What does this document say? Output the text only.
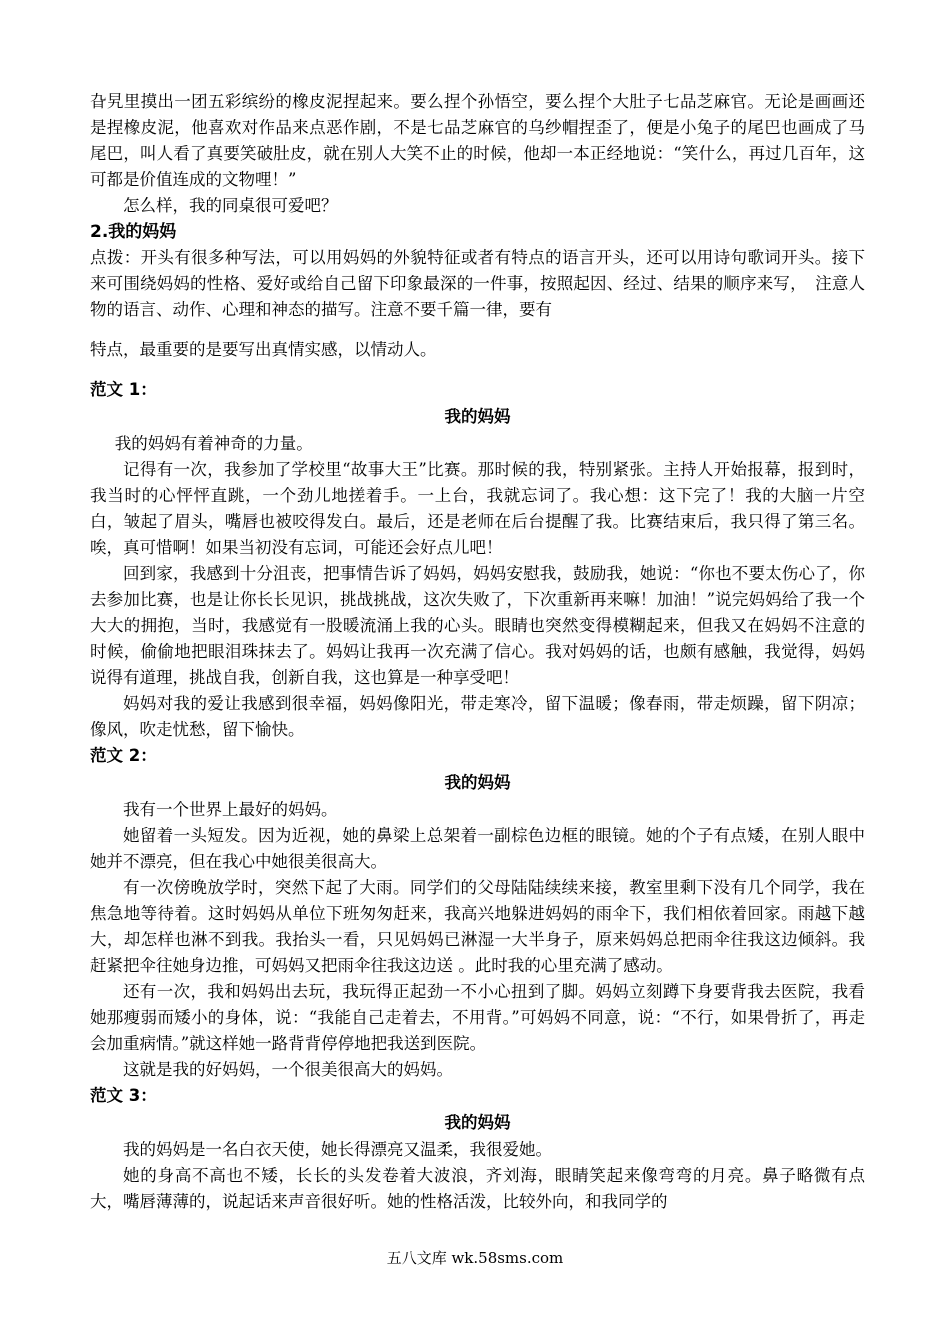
旮旯里摸出一团五彩缤纷的橡皮泥捏起来。要么捏个孙悟空，要么捏个大肚子七品芝麻官。无论是画画还是捏橡皮泥，他喜欢对作品来点恶作剧，不是七品芝麻官的乌纱帽捏歪了，便是小兔子的尾巴也画成了马尾巴，叫人看了真要笑破肚皮，就在别人大笑不止的时候，他却一本正经地说：“笑什么，再过几百年，这可都是价值连成的文物哩！”

怎么样，我的同桌很可爱吧？

2.我的妈妈

点拨：开头有很多种写法，可以用妈妈的外貌特征或者有特点的语言开头，还可以用诗句歌词开头。接下来可围绕妈妈的性格、爱好或给自己留下印象最深的一件事，按照起因、经过、结果的顺序来写，　注意人物的语言、动作、心理和神态的描写。注意不要千篇一律，要有

特点，最重要的是要写出真情实感，以情动人。

范文 1：

我的妈妈

我的妈妈有着神奇的力量。

记得有一次，我参加了学校里“故事大王”比赛。那时候的我，特别紧张。主持人开始报幕，报到时，我当时的心怦怦直跳，一个劲儿地搓着手。一上台，我就忘词了。我心想：这下完了！我的大脑一片空白，皱起了眉头，嘴唇也被咬得发白。最后，还是老师在后台提醒了我。比赛结束后，我只得了第三名。唉，真可惜啊！如果当初没有忘词，可能还会好点儿吧！

回到家，我感到十分沮丧，把事情告诉了妈妈，妈妈安慰我，鼓励我，她说：“你也不要太伤心了，你去参加比赛，也是让你长长见识，挑战挑战，这次失败了，下次重新再来嘛！加油！”说完妈妈给了我一个大大的拥抱，当时，我感觉有一股暖流涌上我的心头。眼睛也突然变得模糊起来，但我又在妈妈不注意的时候，偷偷地把眼泪珠抹去了。妈妈让我再一次充满了信心。我对妈妈的话，也颇有感触，我觉得，妈妈说得有道理，挑战自我，创新自我，这也算是一种享受吧！

妈妈对我的爱让我感到很幸福，妈妈像阳光，带走寒冷，留下温暖；像春雨，带走烦躁，留下阴凉；像风，吹走忧愁，留下愉快。

范文 2：

我的妈妈

我有一个世界上最好的妈妈。

她留着一头短发。因为近视，她的鼻梁上总架着一副棕色边框的眼镜。她的个子有点矮，在别人眼中她并不漂亮，但在我心中她很美很高大。

有一次傍晚放学时，突然下起了大雨。同学们的父母陆陆续续来接，教室里剩下没有几个同学，我在焦急地等待着。这时妈妈从单位下班匆匆赶来，我高兴地躲进妈妈的雨伞下，我们相依着回家。雨越下越大，却怎样也淋不到我。我抬头一看，只见妈妈已淋湿一大半身子，原来妈妈总把雨伞往我这边倾斜。我赶紧把伞往她身边推，可妈妈又把雨伞往我这边送 。此时我的心里充满了感动。

还有一次，我和妈妈出去玩，我玩得正起劲一不小心扭到了脚。妈妈立刻蹲下身要背我去医院，我看她那瘦弱而矮小的身体，说：“我能自己走着去，不用背。”可妈妈不同意，说：“不行，如果骨折了，再走会加重病情。”就这样她一路背背停停地把我送到医院。

这就是我的好妈妈，一个很美很高大的妈妈。

范文 3：

我的妈妈

我的妈妈是一名白衣天使，她长得漂亮又温柔，我很爱她。

她的身高不高也不矮，长长的头发卷着大波浪，齐刘海，眼睛笑起来像弯弯的月亮。鼻子略微有点大，嘴唇薄薄的，说起话来声音很好听。她的性格活泼，比较外向，和我同学的

五八文库 wk.58sms.com
